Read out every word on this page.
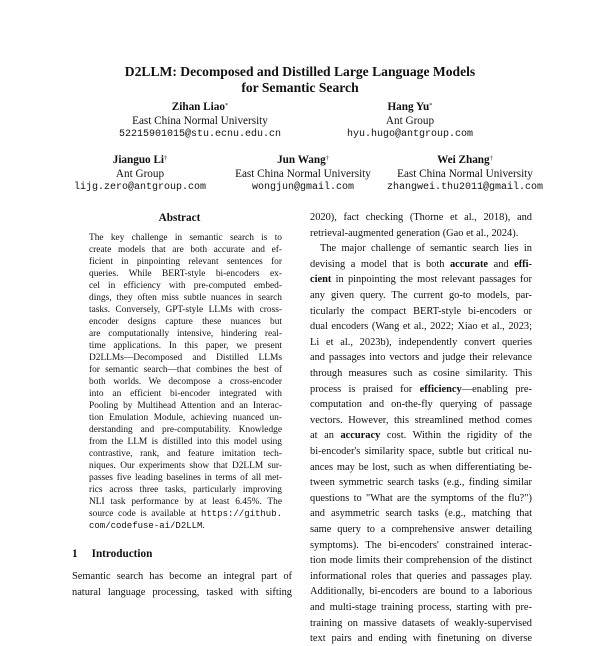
D2LLM: Decomposed and Distilled Large Language Models
for Semantic Search
Zihan Liao*
East China Normal University
52215901015@stu.ecnu.edu.cn
Hang Yu*
Ant Group
hyu.hugo@antgroup.com
Jianguo Li†
Ant Group
lijg.zero@antgroup.com
Jun Wang†
East China Normal University
wongjun@gmail.com
Wei Zhang†
East China Normal University
zhangwei.thu2011@gmail.com
Abstract
The key challenge in semantic search is to
create models that are both accurate and ef-
ficient in pinpointing relevant sentences for
queries. While BERT-style bi-encoders ex-
cel in efficiency with pre-computed embed-
dings, they often miss subtle nuances in search
tasks. Conversely, GPT-style LLMs with cross-
encoder designs capture these nuances but
are computationally intensive, hindering real-
time applications. In this paper, we present
D2LLMs—Decomposed and Distilled LLMs
for semantic search—that combines the best of
both worlds. We decompose a cross-encoder
into an efficient bi-encoder integrated with
Pooling by Multihead Attention and an Interac-
tion Emulation Module, achieving nuanced un-
derstanding and pre-computability. Knowledge
from the LLM is distilled into this model using
contrastive, rank, and feature imitation tech-
niques. Our experiments show that D2LLM sur-
passes five leading baselines in terms of all met-
rics across three tasks, particularly improving
NLI task performance by at least 6.45%. The
source code is available at https://github.
com/codefuse-ai/D2LLM.
1 Introduction
Semantic search has become an integral part of
natural language processing, tasked with sifting
2020), fact checking (Thorne et al., 2018), and
retrieval-augmented generation (Gao et al., 2024).
The major challenge of semantic search lies in
devising a model that is both accurate and effi-
cient in pinpointing the most relevant passages for
any given query. The current go-to models, par-
ticularly the compact BERT-style bi-encoders or
dual encoders (Wang et al., 2022; Xiao et al., 2023;
Li et al., 2023b), independently convert queries
and passages into vectors and judge their relevance
through measures such as cosine similarity. This
process is praised for efficiency—enabling pre-
computation and on-the-fly querying of passage
vectors. However, this streamlined method comes
at an accuracy cost. Within the rigidity of the
bi-encoder's similarity space, subtle but critical nu-
ances may be lost, such as when differentiating be-
tween symmetric search tasks (e.g., finding similar
questions to "What are the symptoms of the flu?")
and asymmetric search tasks (e.g., matching that
same query to a comprehensive answer detailing
symptoms). The bi-encoders' constrained interac-
tion mode limits their comprehension of the distinct
informational roles that queries and passages play.
Additionally, bi-encoders are bound to a laborious
and multi-stage training process, starting with pre-
training on massive datasets of weakly-supervised
text pairs and ending with finetuning on diverse
